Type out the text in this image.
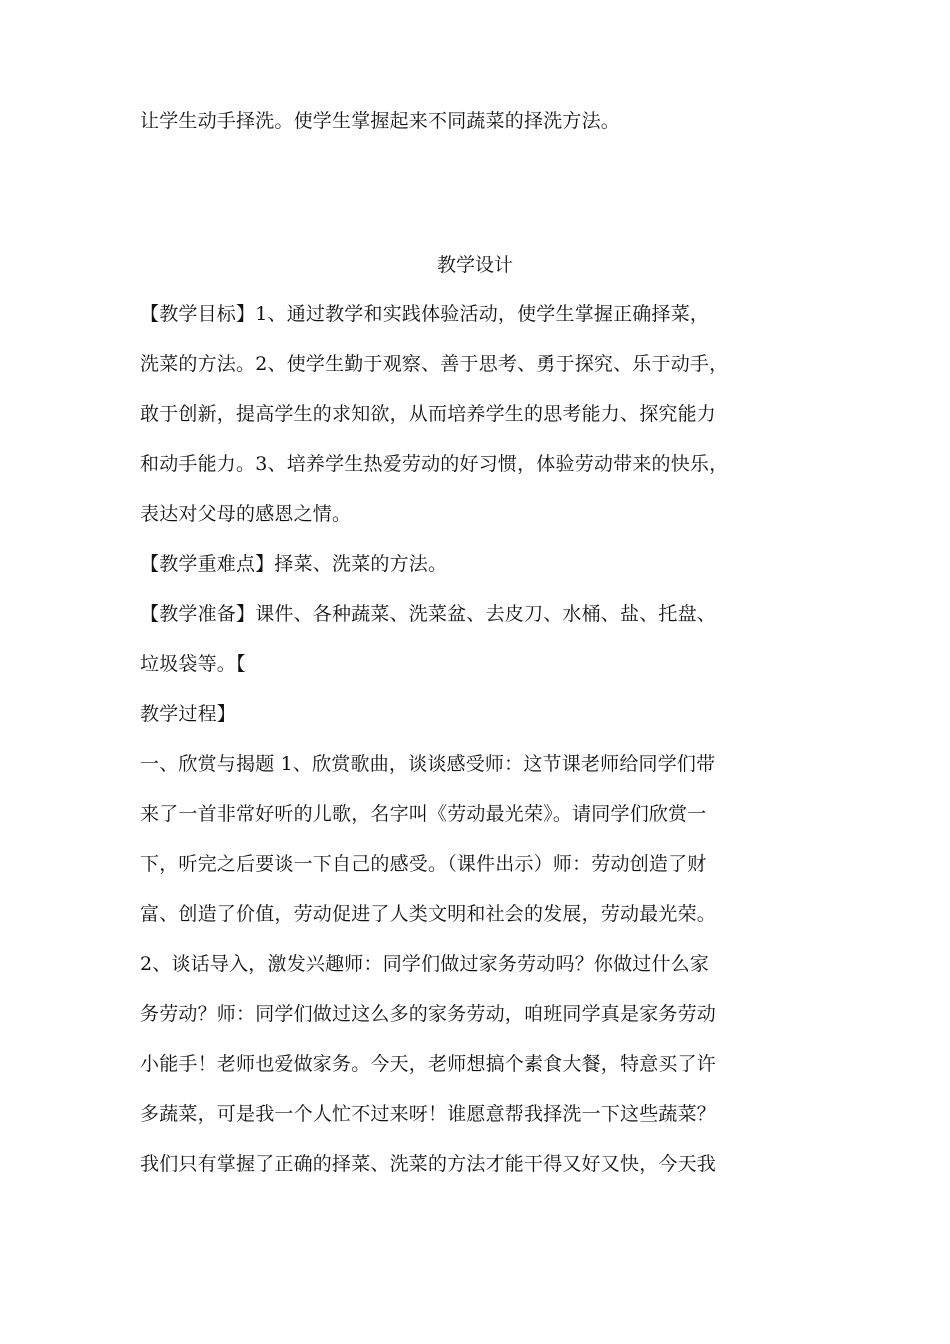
让学生动手择洗。使学生掌握起来不同蔬菜的择洗方法。
教学设计
【教学目标】1、通过教学和实践体验活动，使学生掌握正确择菜，
洗菜的方法。2、使学生勤于观察、善于思考、勇于探究、乐于动手，
敢于创新，提高学生的求知欲，从而培养学生的思考能力、探究能力
和动手能力。3、培养学生热爱劳动的好习惯，体验劳动带来的快乐，
表达对父母的感恩之情。
【教学重难点】择菜、洗菜的方法。
【教学准备】课件、各种蔬菜、洗菜盆、去皮刀、水桶、盐、托盘、
垃圾袋等。【
教学过程】
一、欣赏与揭题 1、欣赏歌曲，谈谈感受师：这节课老师给同学们带
来了一首非常好听的儿歌，名字叫《劳动最光荣》。请同学们欣赏一
下，听完之后要谈一下自己的感受。（课件出示）师：劳动创造了财
富、创造了价值，劳动促进了人类文明和社会的发展，劳动最光荣。
2、谈话导入，激发兴趣师：同学们做过家务劳动吗？你做过什么家
务劳动？师：同学们做过这么多的家务劳动，咱班同学真是家务劳动
小能手！老师也爱做家务。今天，老师想搞个素食大餐，特意买了许
多蔬菜，可是我一个人忙不过来呀！谁愿意帮我择洗一下这些蔬菜？
我们只有掌握了正确的择菜、洗菜的方法才能干得又好又快，今天我
